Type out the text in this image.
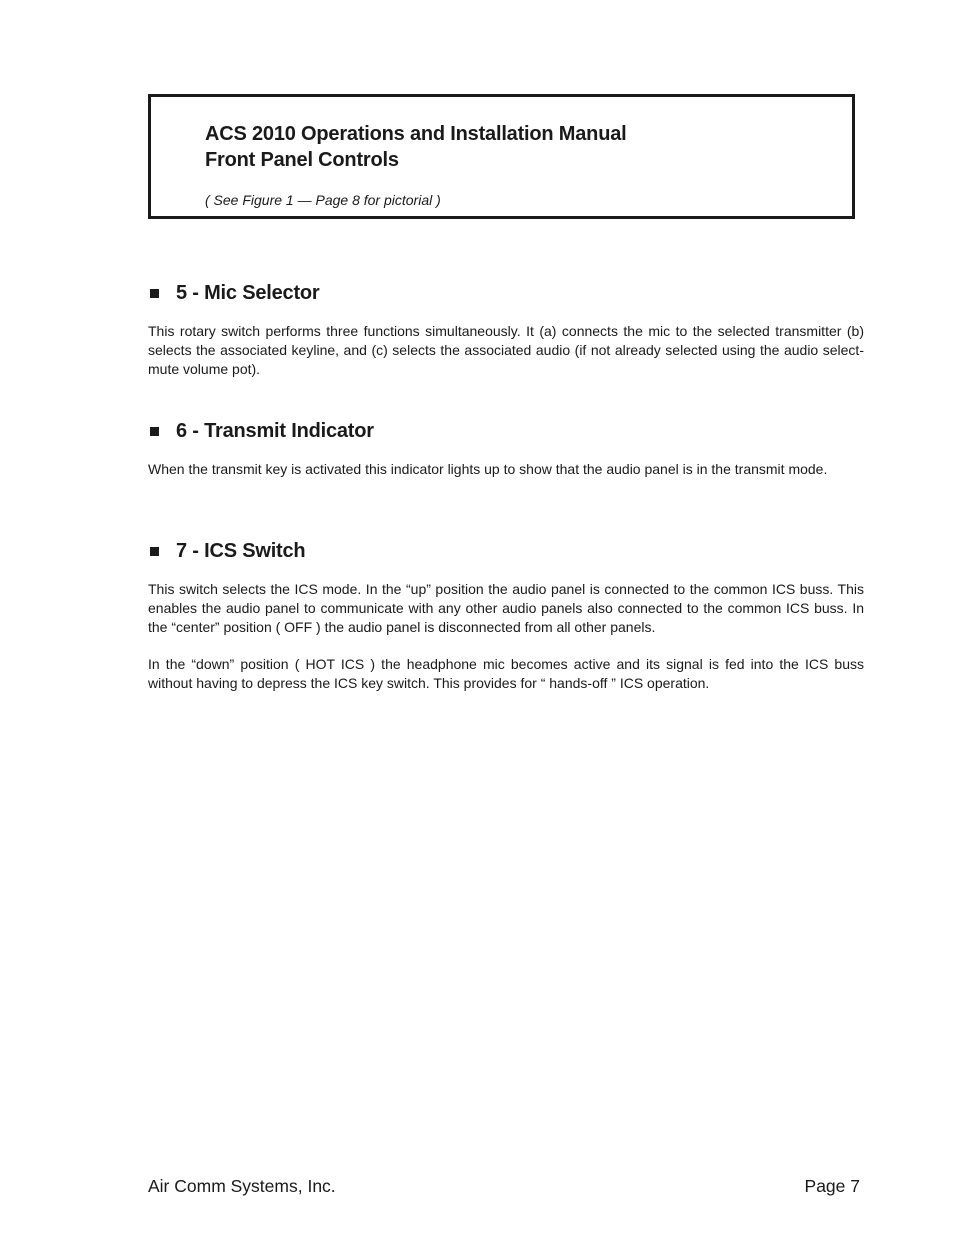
ACS 2010 Operations and Installation Manual
Front Panel Controls

( See Figure 1 — Page 8 for pictorial )

5 - Mic Selector

This rotary switch performs three functions simultaneously. It (a) connects the mic to the selected transmitter (b) selects the associated keyline, and (c) selects the associated audio (if not already selected using the audio select-mute volume pot).

6 - Transmit Indicator

When the transmit key is activated this indicator lights up to show that the audio panel is in the transmit mode.

7 - ICS Switch

This switch selects the ICS mode. In the “up” position the audio panel is connected to the common ICS buss. This enables the audio panel to communicate with any other audio panels also connected to the common ICS buss. In the “center” position ( OFF ) the audio panel is disconnected from all other panels.

In the “down” position ( HOT ICS ) the headphone mic becomes active and its signal is fed into the ICS buss without having to depress the ICS key switch. This provides for “ hands-off ” ICS operation.

Air Comm Systems, Inc.	Page 7
